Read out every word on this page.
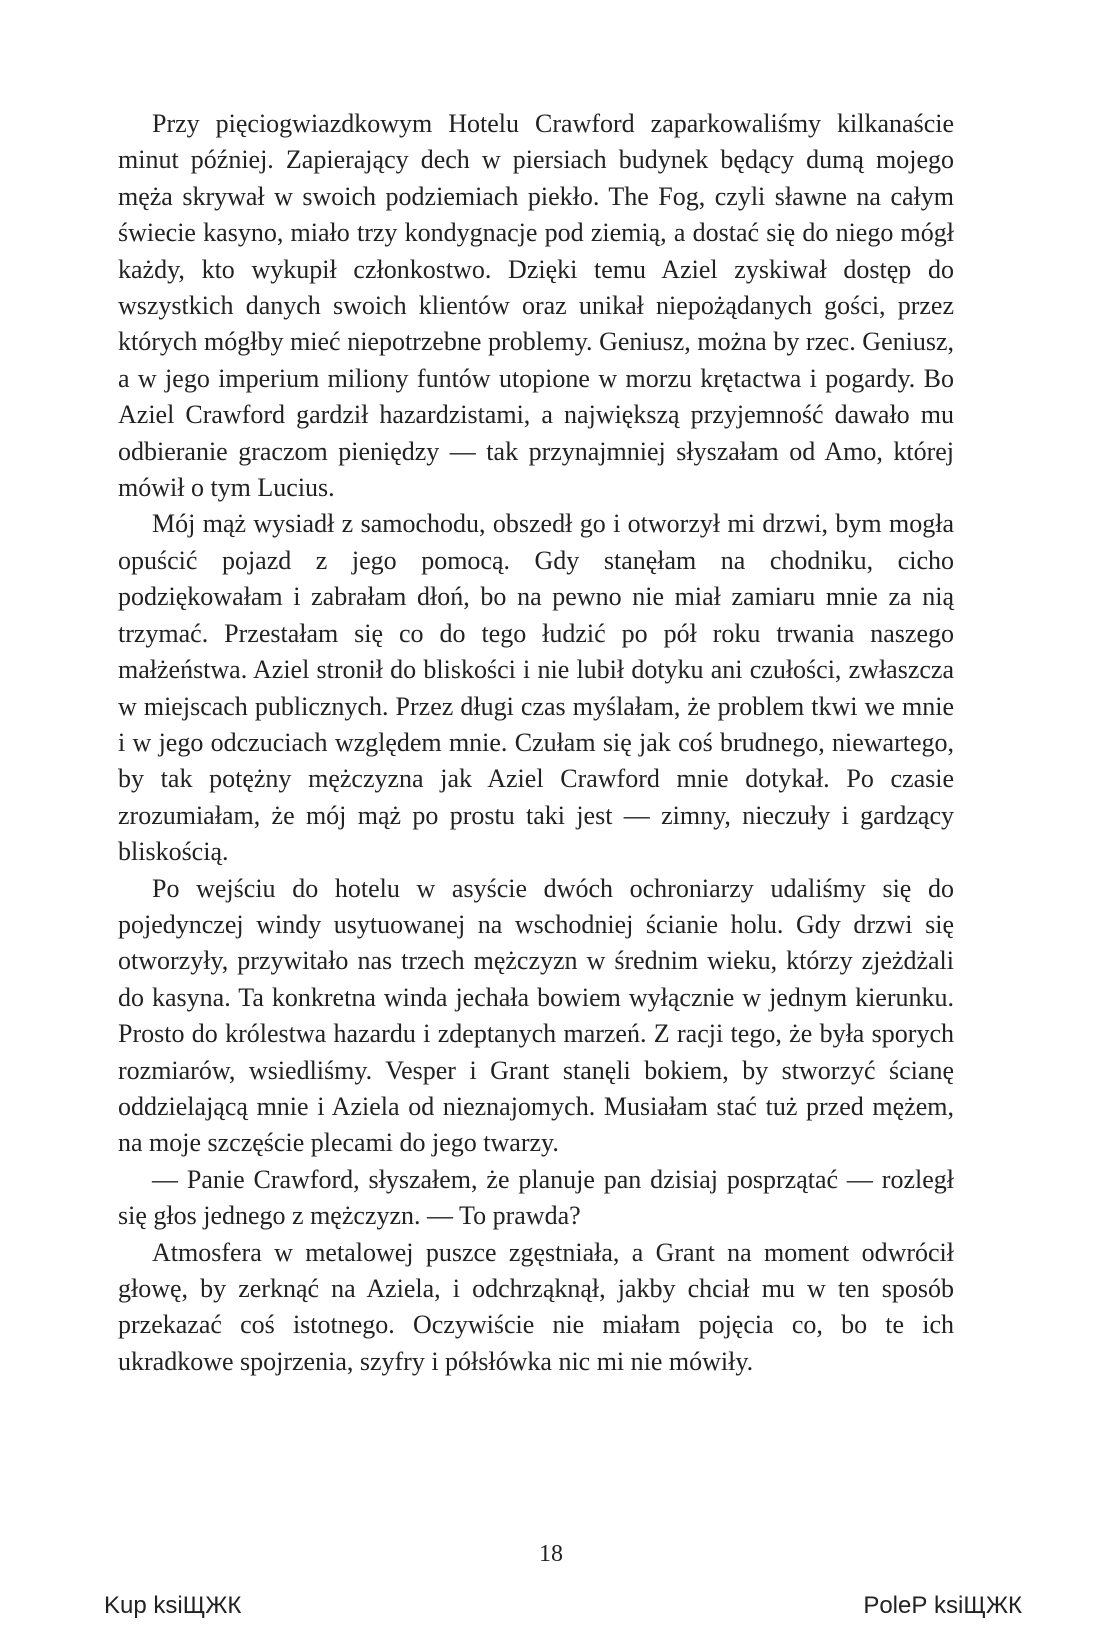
Przy pięciogwiazdkowym Hotelu Crawford zaparkowaliśmy kilkanaście minut później. Zapierający dech w piersiach budynek będący dumą mojego męża skrywał w swoich podziemiach piekło. The Fog, czyli sławne na całym świecie kasyno, miało trzy kondygnacje pod ziemią, a dostać się do niego mógł każdy, kto wykupił członkostwo. Dzięki temu Aziel zyskiwał dostęp do wszystkich danych swoich klientów oraz unikał niepożądanych gości, przez których mógłby mieć niepotrzebne problemy. Geniusz, można by rzec. Geniusz, a w jego imperium miliony funtów utopione w morzu krętactwa i pogardy. Bo Aziel Crawford gardził hazardzistami, a największą przyjemność dawało mu odbieranie graczom pieniędzy — tak przynajmniej słyszałam od Amo, której mówił o tym Lucius.

Mój mąż wysiadł z samochodu, obszedł go i otworzył mi drzwi, bym mogła opuścić pojazd z jego pomocą. Gdy stanęłam na chodniku, cicho podziękowałam i zabrałam dłoń, bo na pewno nie miał zamiaru mnie za nią trzymać. Przestałam się co do tego łudzić po pół roku trwania naszego małżeństwa. Aziel stronił do bliskości i nie lubił dotyku ani czułości, zwłaszcza w miejscach publicznych. Przez długi czas myślałam, że problem tkwi we mnie i w jego odczuciach względem mnie. Czułam się jak coś brudnego, niewartego, by tak potężny mężczyzna jak Aziel Crawford mnie dotykał. Po czasie zrozumiałam, że mój mąż po prostu taki jest — zimny, nieczuły i gardzący bliskością.

Po wejściu do hotelu w asyście dwóch ochroniarzy udaliśmy się do pojedynczej windy usytuowanej na wschodniej ścianie holu. Gdy drzwi się otworzyły, przywitało nas trzech mężczyzn w średnim wieku, którzy zjeżdżali do kasyna. Ta konkretna winda jechała bowiem wyłącznie w jednym kierunku. Prosto do królestwa hazardu i zdeptanych marzeń. Z racji tego, że była sporych rozmiarów, wsiedliśmy. Vesper i Grant stanęli bokiem, by stworzyć ścianę oddzielającą mnie i Aziela od nieznajomych. Musiałam stać tuż przed mężem, na moje szczęście plecami do jego twarzy.

— Panie Crawford, słyszałem, że planuje pan dzisiaj posprzątać — rozległ się głos jednego z mężczyzn. — To prawda?

Atmosfera w metalowej puszce zgęstniała, a Grant na moment odwrócił głowę, by zerknąć na Aziela, i odchrząknął, jakby chciał mu w ten sposób przekazać coś istotnego. Oczywiście nie miałam pojęcia co, bo te ich ukradkowe spojrzenia, szyfry i półsłówka nic mi nie mówiły.

18
Kup ksiЩЖК	PoleР ksiЩЖК
